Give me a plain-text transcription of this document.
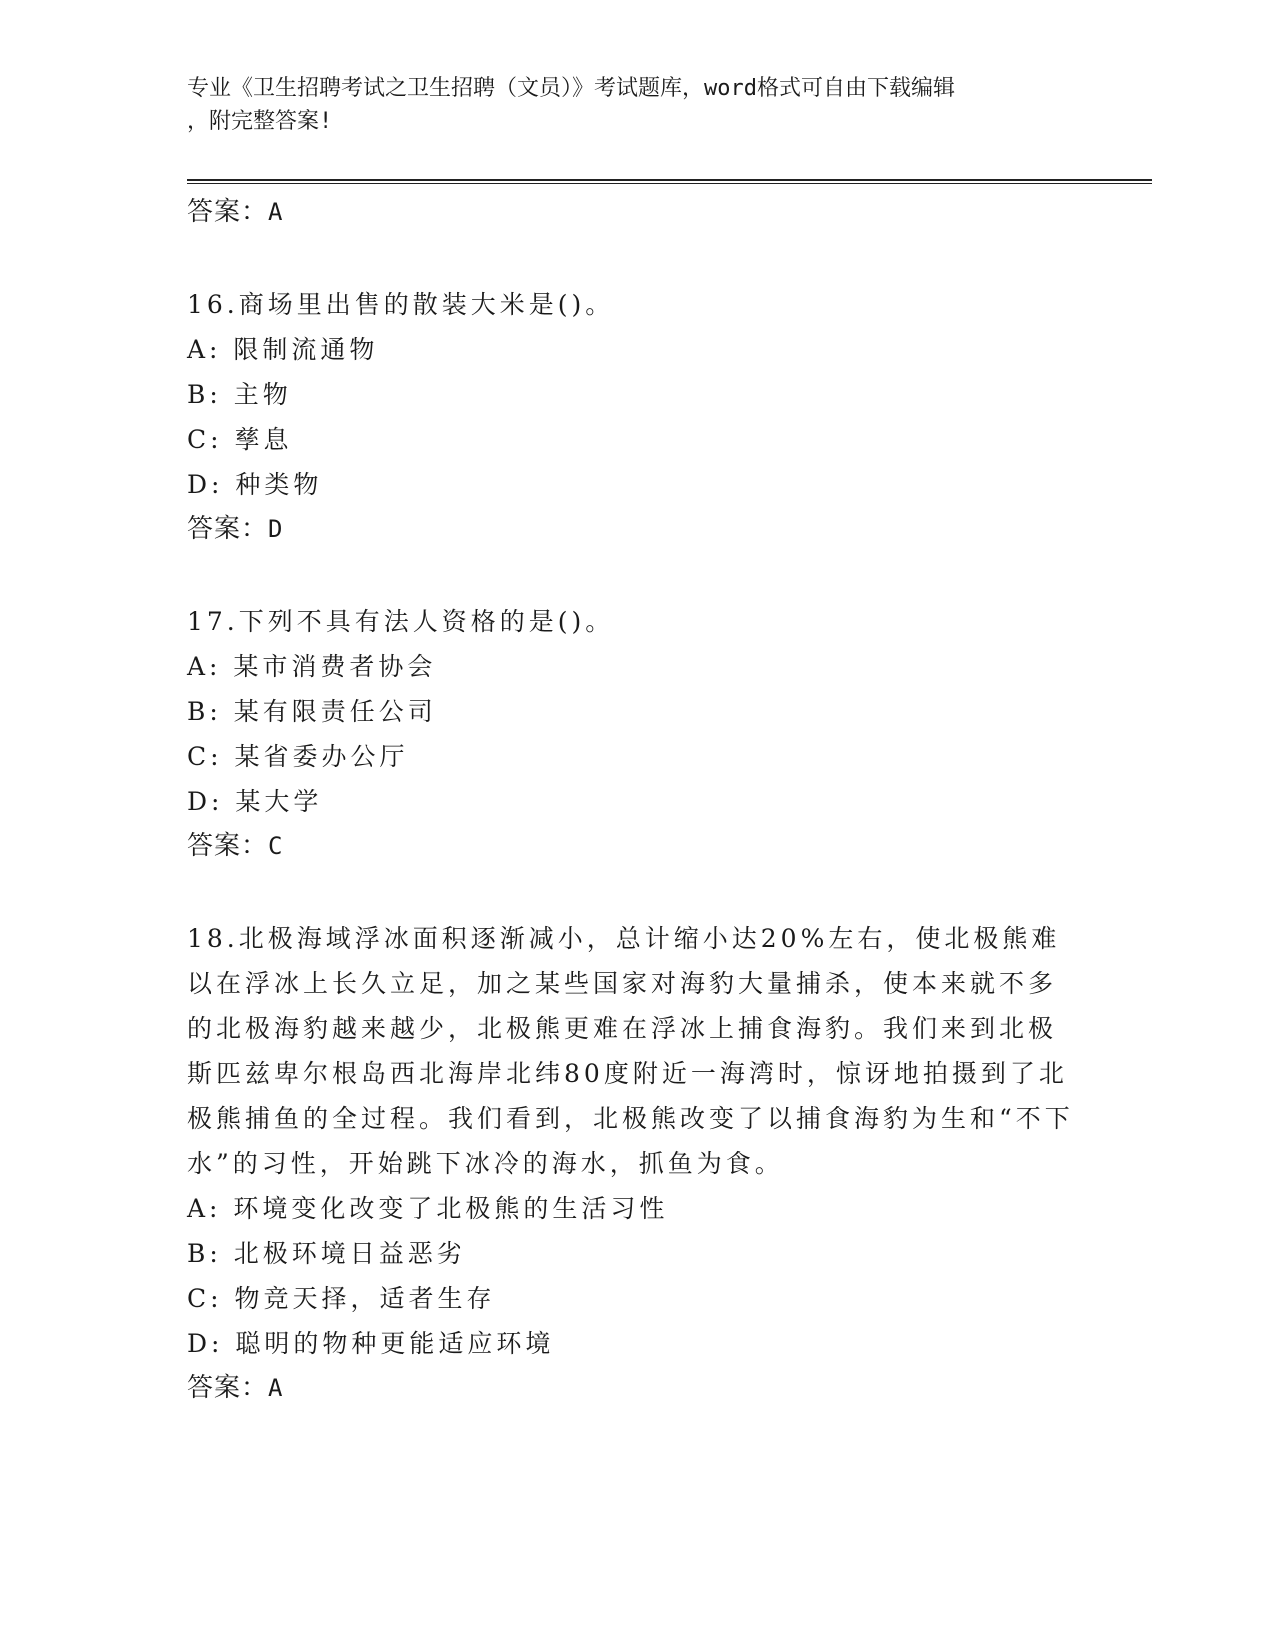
专业《卫生招聘考试之卫生招聘（文员）》考试题库，word格式可自由下载编辑
，附完整答案!
答案：A
16.商场里出售的散装大米是()。
A: 限制流通物
B: 主物
C: 孳息
D: 种类物
答案：D
17.下列不具有法人资格的是()。
A: 某市消费者协会
B: 某有限责任公司
C: 某省委办公厅
D: 某大学
答案：C
18.北极海域浮冰面积逐渐减小，总计缩小达20%左右，使北极熊难以在浮冰上长久立足，加之某些国家对海豹大量捕杀，使本来就不多的北极海豹越来越少，北极熊更难在浮冰上捕食海豹。我们来到北极斯匹兹卑尔根岛西北海岸北纬80度附近一海湾时，惊讶地拍摄到了北极熊捕鱼的全过程。我们看到，北极熊改变了以捕食海豹为生和“不下水”的习性，开始跳下冰冷的海水，抓鱼为食。
A: 环境变化改变了北极熊的生活习性
B: 北极环境日益恶劣
C: 物竞天择，适者生存
D: 聪明的物种更能适应环境
答案：A
